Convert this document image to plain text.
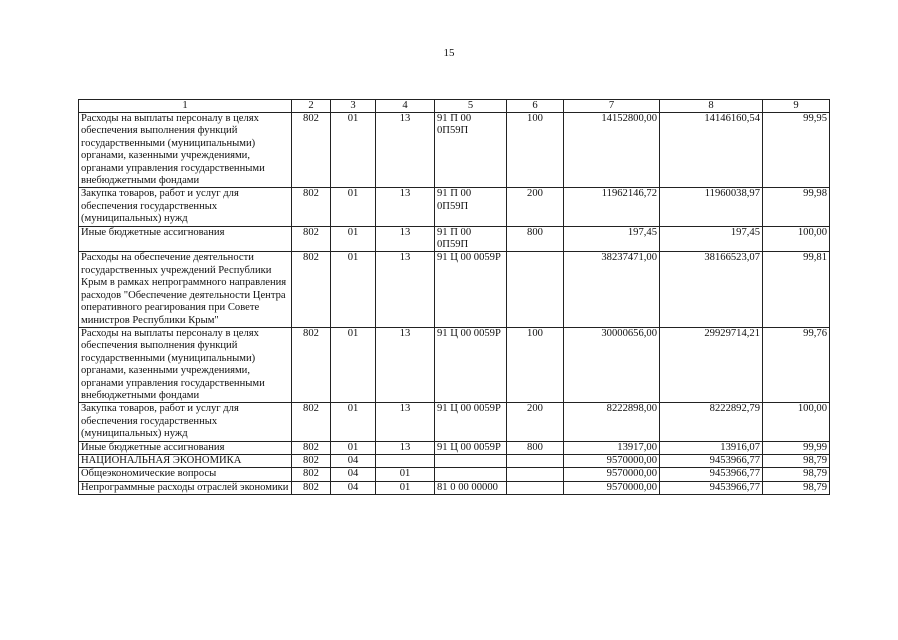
15
1	2	3	4	5	6	7	8	9
Расходы на выплаты персоналу в целях обеспечения выполнения функций государственными (муниципальными) органами, казенными учреждениями, органами управления государственными внебюджетными фондами	802	01	13	91 П 00 0П59П	100	14152800,00	14146160,54	99,95
Закупка товаров, работ и услуг для обеспечения государственных (муниципальных) нужд	802	01	13	91 П 00 0П59П	200	11962146,72	11960038,97	99,98
Иные бюджетные ассигнования	802	01	13	91 П 00 0П59П	800	197,45	197,45	100,00
Расходы на обеспечение деятельности государственных учреждений Республики Крым в рамках непрограммного направления расходов "Обеспечение деятельности Центра оперативного реагирования при Совете министров Республики Крым"	802	01	13	91 Ц 00 0059Р		38237471,00	38166523,07	99,81
Расходы на выплаты персоналу в целях обеспечения выполнения функций государственными (муниципальными) органами, казенными учреждениями, органами управления государственными внебюджетными фондами	802	01	13	91 Ц 00 0059Р	100	30000656,00	29929714,21	99,76
Закупка товаров, работ и услуг для обеспечения государственных (муниципальных) нужд	802	01	13	91 Ц 00 0059Р	200	8222898,00	8222892,79	100,00
Иные бюджетные ассигнования	802	01	13	91 Ц 00 0059Р	800	13917,00	13916,07	99,99
НАЦИОНАЛЬНАЯ ЭКОНОМИКА	802	04				9570000,00	9453966,77	98,79
Общеэкономические вопросы	802	04	01			9570000,00	9453966,77	98,79
Непрограммные расходы отраслей экономики	802	04	01	81 0 00 00000		9570000,00	9453966,77	98,79
